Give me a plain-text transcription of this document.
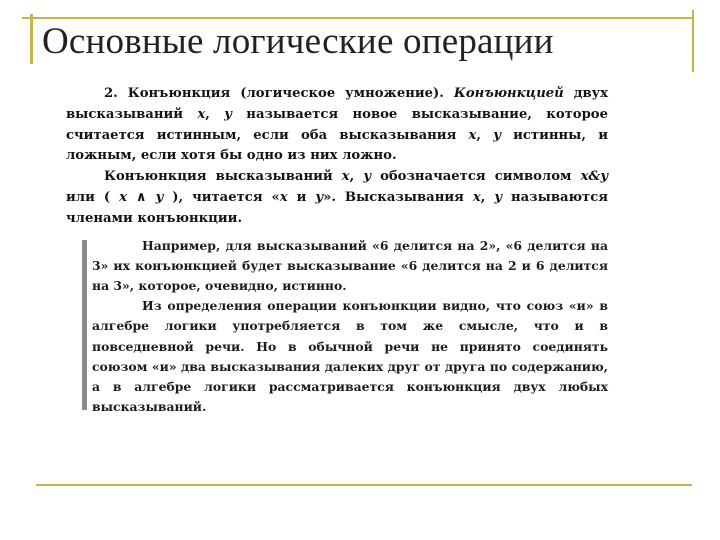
Основные логические операции

2. Конъюнкция (логическое умножение). Конъюнкцией двух высказываний x, y называется новое высказывание, которое считается истинным, если оба высказывания x, y истинны, и ложным, если хотя бы одно из них ложно.

Конъюнкция высказываний x, y обозначается символом x&y или ( x ∧ y ), читается «x и y». Высказывания x, y называются членами конъюнкции.

Например, для высказываний «6 делится на 2», «6 делится на 3» их конъюнкцией будет высказывание «6 делится на 2 и 6 делится на 3», которое, очевидно, истинно.

Из определения операции конъюнкции видно, что союз «и» в алгебре логики употребляется в том же смысле, что и в повседневной речи. Но в обычной речи не принято соединять союзом «и» два высказывания далеких друг от друга по содержанию, а в алгебре логики рассматривается конъюнкция двух любых высказываний.
